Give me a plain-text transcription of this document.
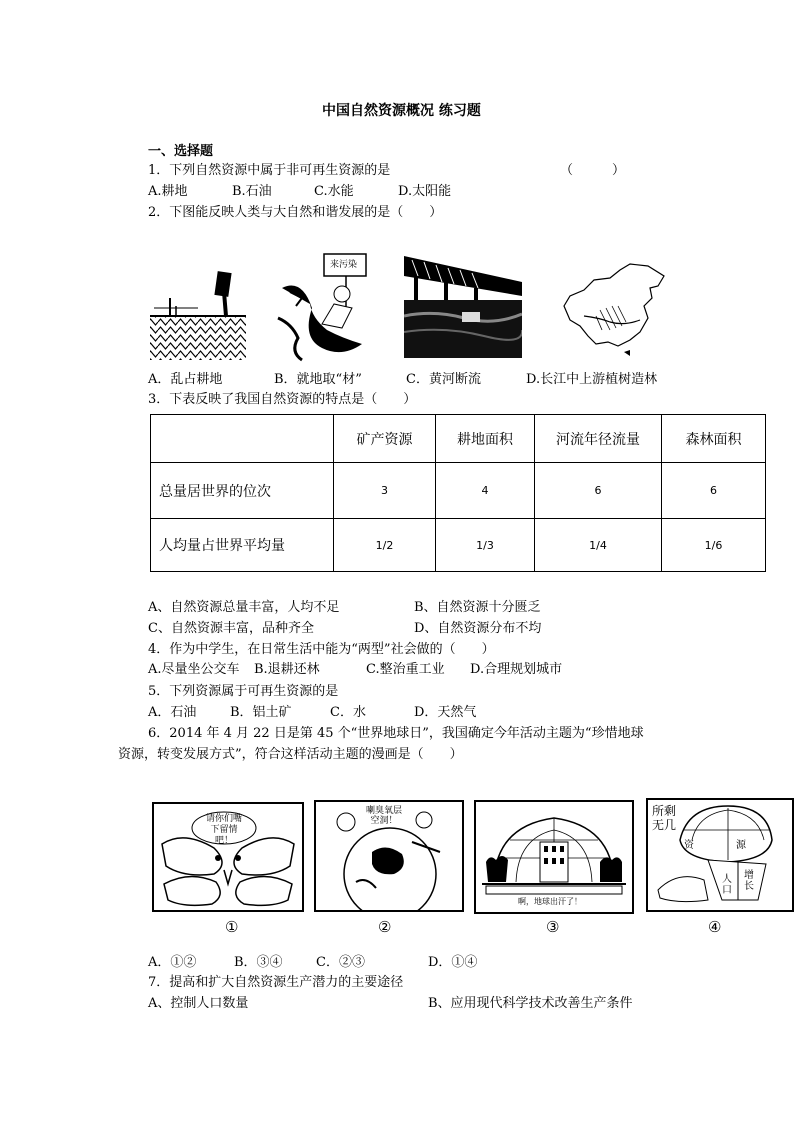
中国自然资源概况 练习题
一、选择题
1．下列自然资源中属于非可再生资源的是	（　　　）
A.耕地	B.石油	C.水能	D.太阳能
2．下图能反映人类与大自然和谐发展的是（　　）
来污染
A．乱占耕地	B．就地取“材”	C．黄河断流	D.长江中上游植树造林
3．下表反映了我国自然资源的特点是（　　）
	矿产资源	耕地面积	河流年径流量	森林面积
总量居世界的位次	3	4	6	6
人均量占世界平均量	1/2	1/3	1/4	1/6
A、自然资源总量丰富，人均不足	B、自然资源十分匮乏
C、自然资源丰富，品种齐全	D、自然资源分布不均
4．作为中学生，在日常生活中能为“两型”社会做的（　　）
A.尽量坐公交车 B.退耕还林	C.整治重工业 D.合理规划城市
5．下列资源属于可再生资源的是
A．石油	B．铝土矿	C．水	D．天然气
6．2014 年 4 月 22 日是第 45 个“世界地球日”，我国确定今年活动主题为“珍惜地球
资源，转变发展方式”，符合这样活动主题的漫画是（　　）
请你们嘴下留情吧！
喇臭氧层空洞！
啊，地球出汗了！
所剩无几
资	源
人口
增长
①	②	③	④
A．①②	B．③④	C．②③	D．①④
7．提高和扩大自然资源生产潜力的主要途径
A、控制人口数量	B、应用现代科学技术改善生产条件
